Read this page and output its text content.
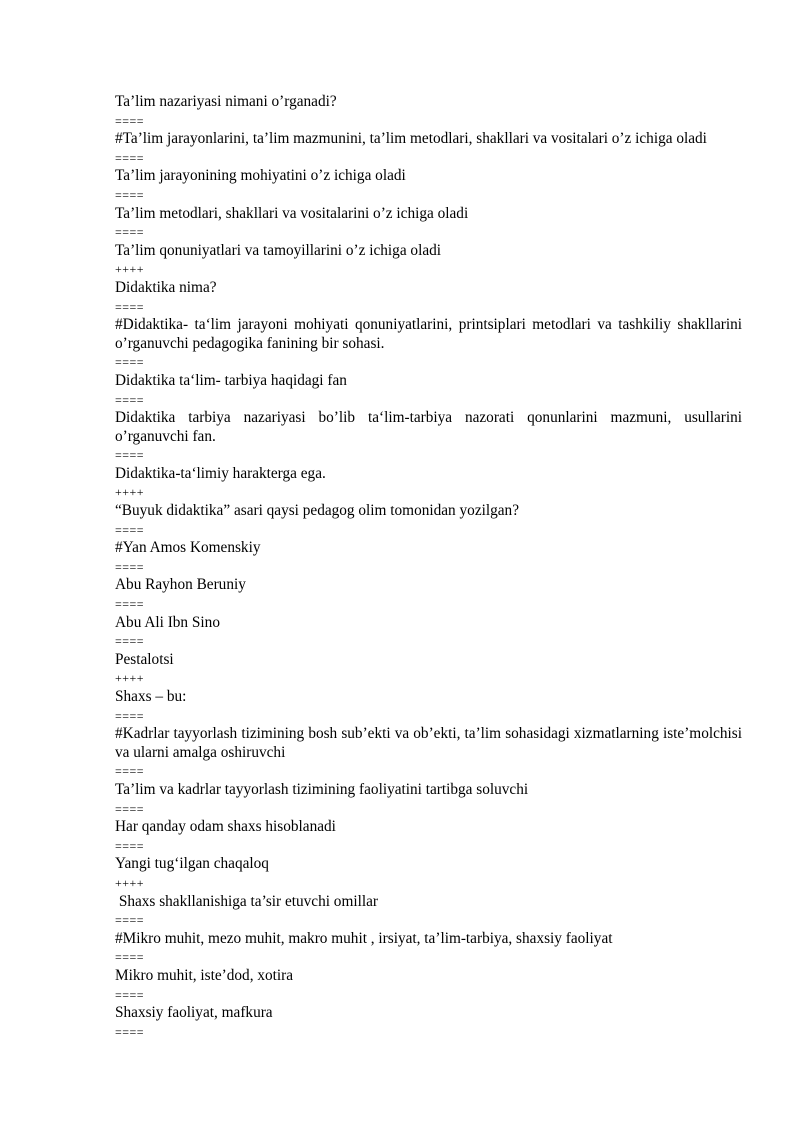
Ta’lim nazariyasi nimani o’rganadi?
====
#Ta’lim jarayonlarini, ta’lim mazmunini, ta’lim metodlari, shakllari va vositalari o’z ichiga oladi
====
Ta’lim jarayonining mohiyatini o’z ichiga oladi
====
Ta’lim metodlari, shakllari va vositalarini o’z ichiga oladi
====
Ta’lim qonuniyatlari va tamoyillarini o’z ichiga oladi
++++
Didaktika nima?
====
#Didaktika- ta‘lim jarayoni mohiyati qonuniyatlarini, printsiplari metodlari va tashkiliy shakllarini o’rganuvchi pedagogika fanining bir sohasi.
====
Didaktika ta‘lim- tarbiya haqidagi fan
====
Didaktika tarbiya nazariyasi bo’lib ta‘lim-tarbiya nazorati qonunlarini mazmuni, usullarini o’rganuvchi fan.
====
Didaktika-ta‘limiy harakterga ega.
++++
“Buyuk didaktika” asari qaysi pedagog olim tomonidan yozilgan?
====
#Yan Amos Komenskiy
====
Abu Rayhon Beruniy
====
Abu Ali Ibn Sino
====
Pestalotsi
++++
Shaxs – bu:
====
#Kadrlar tayyorlash tizimining bosh sub’ekti va ob’ekti, ta’lim sohasidagi xizmatlarning iste’molchisi va ularni amalga oshiruvchi
====
Ta’lim va kadrlar tayyorlash tizimining faoliyatini tartibga soluvchi
====
Har qanday odam shaxs hisoblanadi
====
Yangi tug‘ilgan chaqaloq
++++
Shaxs shakllanishiga ta’sir etuvchi omillar
====
#Mikro muhit, mezo muhit, makro muhit , irsiyat, ta’lim-tarbiya, shaxsiy faoliyat
====
Mikro muhit, iste’dod, xotira
====
Shaxsiy faoliyat, mafkura
====
